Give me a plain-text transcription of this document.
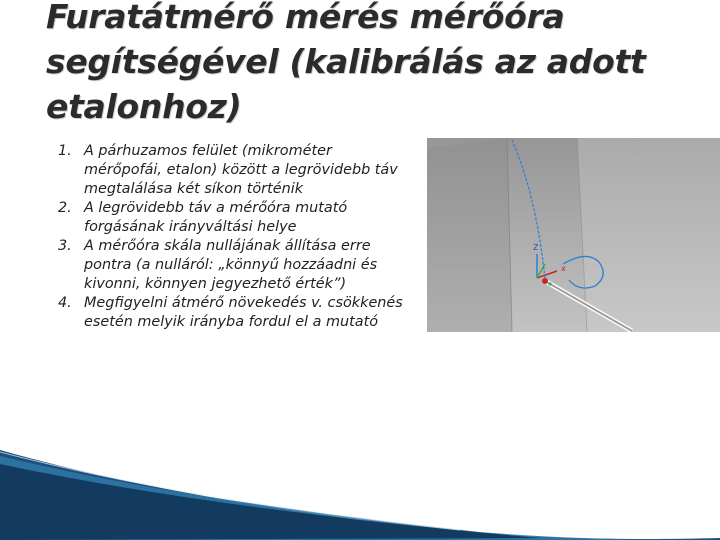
Furatátmérő mérés mérőóra segítségével (kalibrálás az adott etalonhoz)
1. A párhuzamos felület (mikrométer mérőpofái, etalon) között a legrövidebb táv megtalálása két síkon történik
2. A legrövidebb táv a mérőóra mutató forgásának irányváltási helye
3. A mérőóra skála nullájának állítása erre pontra (a nulláról: „könnyű hozzáadni és kivonni, könnyen jegyezhető érték”)
4. Megfigyelni átmérő növekedés v. csökkenés esetén melyik irányba fordul el a mutató
Z
x
